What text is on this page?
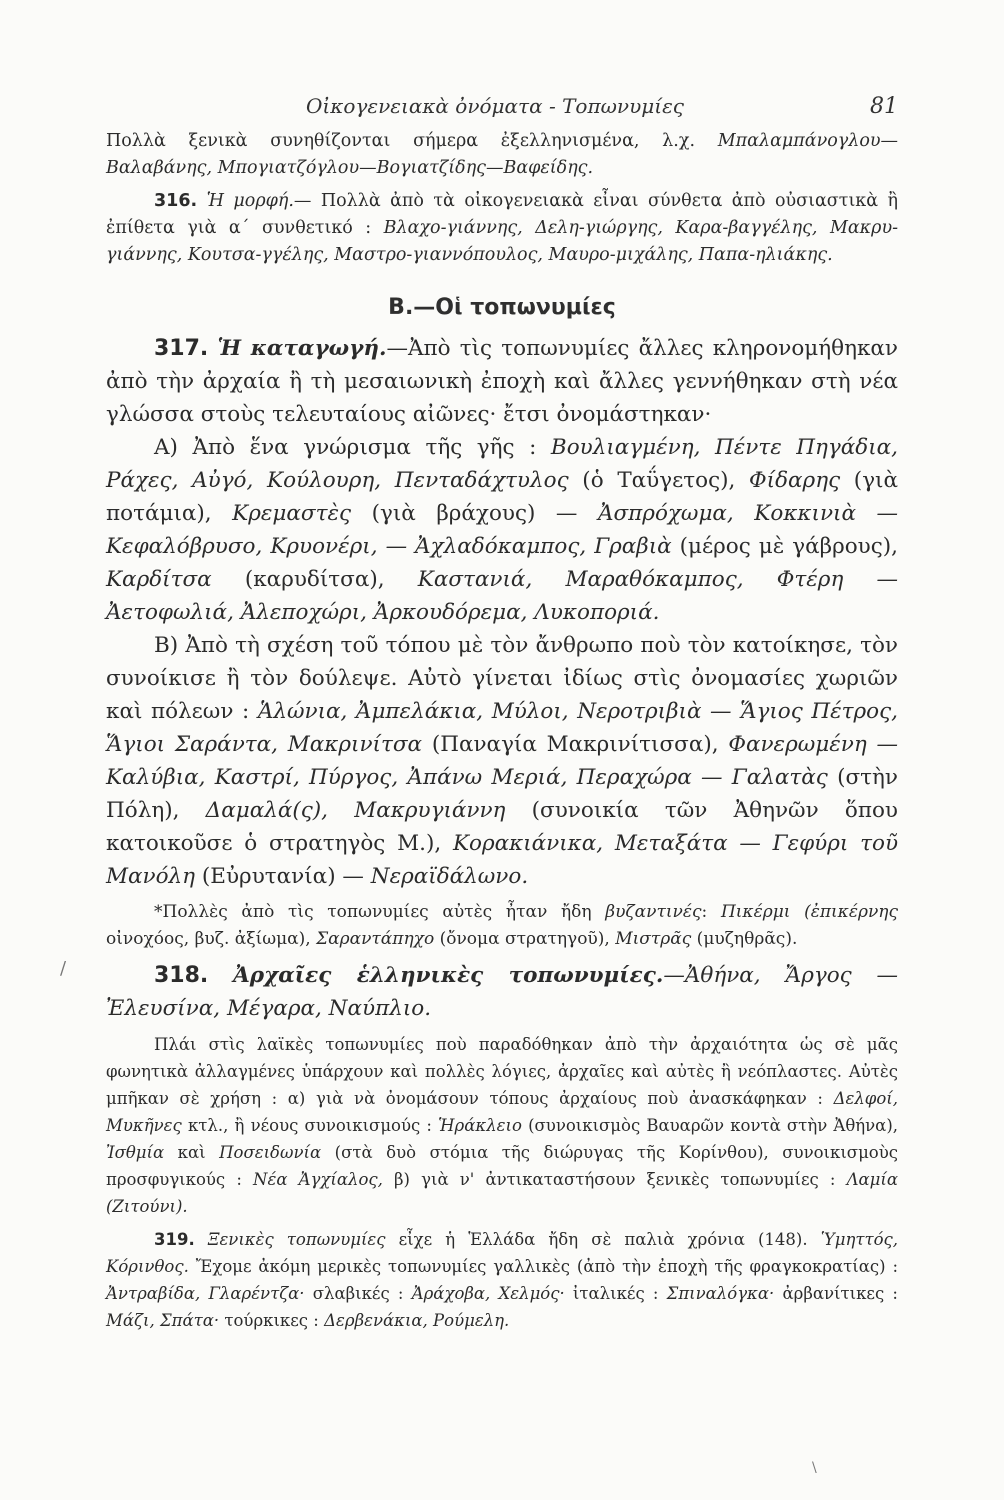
Οἰκογενειακὰ ὀνόματα - Τοπωνυμίες	81

Πολλὰ ξενικὰ συνηθίζονται σήμερα ἐξελληνισμένα, λ.χ. Μπαλαμπάνογλου—Βαλαβάνης, Μπογιατζόγλου—Βογιατζίδης—Βαφείδης.

316. Ἡ μορφή.— Πολλὰ ἀπὸ τὰ οἰκογενειακὰ εἶναι σύνθετα ἀπὸ οὐσιαστικὰ ἢ ἐπίθετα γιὰ α΄ συνθετικό : Βλαχο-γιάννης, Δελη-γιώργης, Καρα-βαγγέλης, Μακρυ-γιάννης, Κουτσα-γγέλης, Μαστρο-γιαννόπουλος, Μαυρο-μιχάλης, Παπα-ηλιάκης.

Β.—Οἱ τοπωνυμίες

317. Ἡ καταγωγή.—Ἀπὸ τὶς τοπωνυμίες ἄλλες κληρονομήθηκαν ἀπὸ τὴν ἀρχαία ἢ τὴ μεσαιωνικὴ ἐποχὴ καὶ ἄλλες γεννήθηκαν στὴ νέα γλώσσα στοὺς τελευταίους αἰῶνες· ἔτσι ὀνομάστηκαν·

Α) Ἀπὸ ἕνα γνώρισμα τῆς γῆς : Βουλιαγμένη, Πέντε Πηγάδια, Ράχες, Αὐγό, Κούλουρη, Πενταδάχτυλος (ὁ Ταΰγετος), Φίδαρης (γιὰ ποτάμια), Κρεμαστὲς (γιὰ βράχους) — Ἀσπρόχωμα, Κοκκινιὰ — Κεφαλόβρυσο, Κρυονέρι, — Ἀχλαδόκαμπος, Γραβιὰ (μέρος μὲ γάβρους), Καρδίτσα (καρυδίτσα), Καστανιά, Μαραθόκαμπος, Φτέρη — Ἀετοφωλιά, Ἀλεποχώρι, Ἀρκουδόρεμα, Λυκοποριά.

Β) Ἀπὸ τὴ σχέση τοῦ τόπου μὲ τὸν ἄνθρωπο ποὺ τὸν κατοίκησε, τὸν συνοίκισε ἢ τὸν δούλεψε. Αὐτὸ γίνεται ἰδίως στὶς ὀνομασίες χωριῶν καὶ πόλεων : Ἁλώνια, Ἀμπελάκια, Μύλοι, Νεροτριβιὰ — Ἅγιος Πέτρος, Ἅγιοι Σαράντα, Μακρινίτσα (Παναγία Μακρινίτισσα), Φανερωμένη — Καλύβια, Καστρί, Πύργος, Ἀπάνω Μεριά, Περαχώρα — Γαλατὰς (στὴν Πόλη), Δαμαλά(ς), Μακρυγιάννη (συνοικία τῶν Ἀθηνῶν ὅπου κατοικοῦσε ὁ στρατηγὸς Μ.), Κορακιάνικα, Μεταξάτα — Γεφύρι τοῦ Μανόλη (Εὐρυτανία) — Νεραϊδάλωνο.

*Πολλὲς ἀπὸ τὶς τοπωνυμίες αὐτὲς ἦταν ἤδη βυζαντινές: Πικέρμι (ἐπικέρνης οἰνοχόος, βυζ. ἀξίωμα), Σαραντάπηχο (ὄνομα στρατηγοῦ), Μιστρᾶς (μυζηθρᾶς).

318. Ἀρχαῖες ἑλληνικὲς τοπωνυμίες.—Ἀθήνα, Ἄργος — Ἐλευσίνα, Μέγαρα, Ναύπλιο.

Πλάι στὶς λαϊκὲς τοπωνυμίες ποὺ παραδόθηκαν ἀπὸ τὴν ἀρχαιότητα ὡς σὲ μᾶς φωνητικὰ ἀλλαγμένες ὑπάρχουν καὶ πολλὲς λόγιες, ἀρχαῖες καὶ αὐτὲς ἢ νεόπλαστες. Αὐτὲς μπῆκαν σὲ χρήση : α) γιὰ νὰ ὀνομάσουν τόπους ἀρχαίους ποὺ ἀνασκάφηκαν : Δελφοί, Μυκῆνες κτλ., ἢ νέους συνοικισμούς : Ἡράκλειο (συνοικισμὸς Βαυαρῶν κοντὰ στὴν Ἀθήνα), Ἰσθμία καὶ Ποσειδωνία (στὰ δυὸ στόμια τῆς διώρυγας τῆς Κορίνθου), συνοικισμοὺς προσφυγικούς : Νέα Ἀγχίαλος, β) γιὰ ν' ἀντικαταστήσουν ξενικὲς τοπωνυμίες : Λαμία (Ζιτούνι).

319. Ξενικὲς τοπωνυμίες εἶχε ἡ Ἑλλάδα ἤδη σὲ παλιὰ χρόνια (148). Ὑμηττός, Κόρινθος. Ἔχομε ἀκόμη μερικὲς τοπωνυμίες γαλλικὲς (ἀπὸ τὴν ἐποχὴ τῆς φραγκοκρατίας) : Ἀντραβίδα, Γλαρέντζα· σλαβικές : Ἀράχοβα, Χελμός· ἰταλικές : Σπιναλόγκα· ἀρβανίτικες : Μάζι, Σπάτα· τούρκικες : Δερβενάκια, Ρούμελη.

/
\
